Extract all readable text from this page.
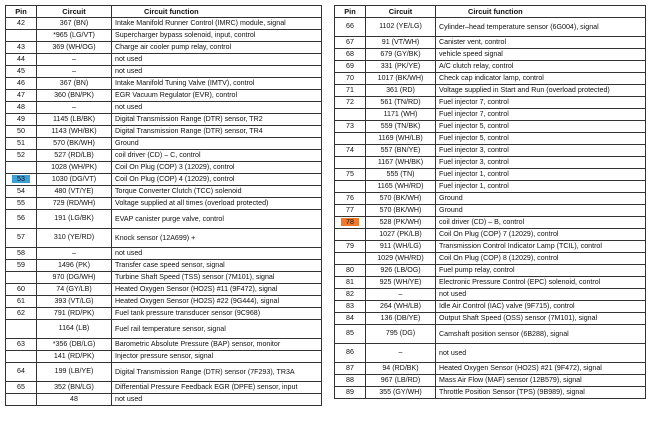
Pin	Circuit	Circuit function
42	367 (BN)	Intake Manifold Runner Control (IMRC) module, signal
	*965 (LG/VT)	Supercharger bypass solenoid, input, control
43	369 (WH/OG)	Charge air cooler pump relay, control
44	–	not used
45	–	not used
46	367 (BN)	Intake Manifold Tuning Valve (IMTV), control
47	360 (BN/PK)	EGR Vacuum Regulator (EVR), control
48	–	not used
49	1145 (LB/BK)	Digital Transmission Range (DTR) sensor, TR2
50	1143 (WH/BK)	Digital Transmission Range (DTR) sensor, TR4
51	570 (BK/WH)	Ground
52	527 (RD/LB)	coil driver (CD) – C, control
	1028 (WH/PK)	Coil On Plug (COP) 3 (12029), control
53	1030 (DG/VT)	Coil On Plug (COP) 4 (12029), control
54	480 (VT/YE)	Torque Converter Clutch (TCC) solenoid
55	729 (RD/WH)	Voltage supplied at all times (overload protected)
56	191 (LG/BK)	EVAP canister purge valve, control
57	310 (YE/RD)	Knock sensor (12A699) +
58	–	not used
59	1496 (PK)	Transfer case speed sensor, signal
	970 (DG/WH)	Turbine Shaft Speed (TSS) sensor (7M101), signal
60	74 (GY/LB)	Heated Oxygen Sensor (HO2S) #11 (9F472), signal
61	393 (VT/LG)	Heated Oxygen Sensor (HO2S) #22 (9G444), signal
62	791 (RD/PK)	Fuel tank pressure transducer sensor (9C968)
	1164 (LB)	Fuel rail temperature sensor, signal
63	*356 (DB/LG)	Barometric Absolute Pressure (BAP) sensor, monitor
	141 (RD/PK)	Injector pressure sensor, signal
64	199 (LB/YE)	Digital Transmission Range (DTR) sensor (7F293), TR3A
65	352 (BN/LG)	Differential Pressure Feedback EGR (DPFE) sensor, input
	48	not used
Pin	Circuit	Circuit function
66	1102 (YE/LG)	Cylinder–head temperature sensor (6G004), signal
67	91 (VT/WH)	Canister vent, control
68	679 (GY/BK)	vehicle speed signal
69	331 (PK/YE)	A/C clutch relay, control
70	1017 (BK/WH)	Check cap indicator lamp, control
71	361 (RD)	Voltage supplied in Start and Run (overload protected)
72	561 (TN/RD)	Fuel injector 7, control
	1171 (WH)	Fuel injector 7, control
73	559 (TN/BK)	Fuel injector 5, control
	1169 (WH/LB)	Fuel injector 5, control
74	557 (BN/YE)	Fuel injector 3, control
	1167 (WH/BK)	Fuel injector 3, control
75	555 (TN)	Fuel injector 1, control
	1165 (WH/RD)	Fuel injector 1, control
76	570 (BK/WH)	Ground
77	570 (BK/WH)	Ground
78	528 (PK/WH)	coil driver (CD) – B, control
	1027 (PK/LB)	Coil On Plug (COP) 7 (12029), control
79	911 (WH/LG)	Transmission Control Indicator Lamp (TCIL), control
	1029 (WH/RD)	Coil On Plug (COP) 8 (12029), control
80	926 (LB/OG)	Fuel pump relay, control
81	925 (WH/YE)	Electronic Pressure Control (EPC) solenoid, control
82	–	not used
83	264 (WH/LB)	Idle Air Control (IAC) valve (9F715), control
84	136 (DB/YE)	Output Shaft Speed (OSS) sensor (7M101), signal
85	795 (DG)	Camshaft position sensor (6B288), signal
86	–	not used
87	94 (RD/BK)	Heated Oxygen Sensor (HO2S) #21 (9F472), signal
88	967 (LB/RD)	Mass Air Flow (MAF) sensor (12B579), signal
89	355 (GY/WH)	Throttle Position Sensor (TPS) (9B989), signal
